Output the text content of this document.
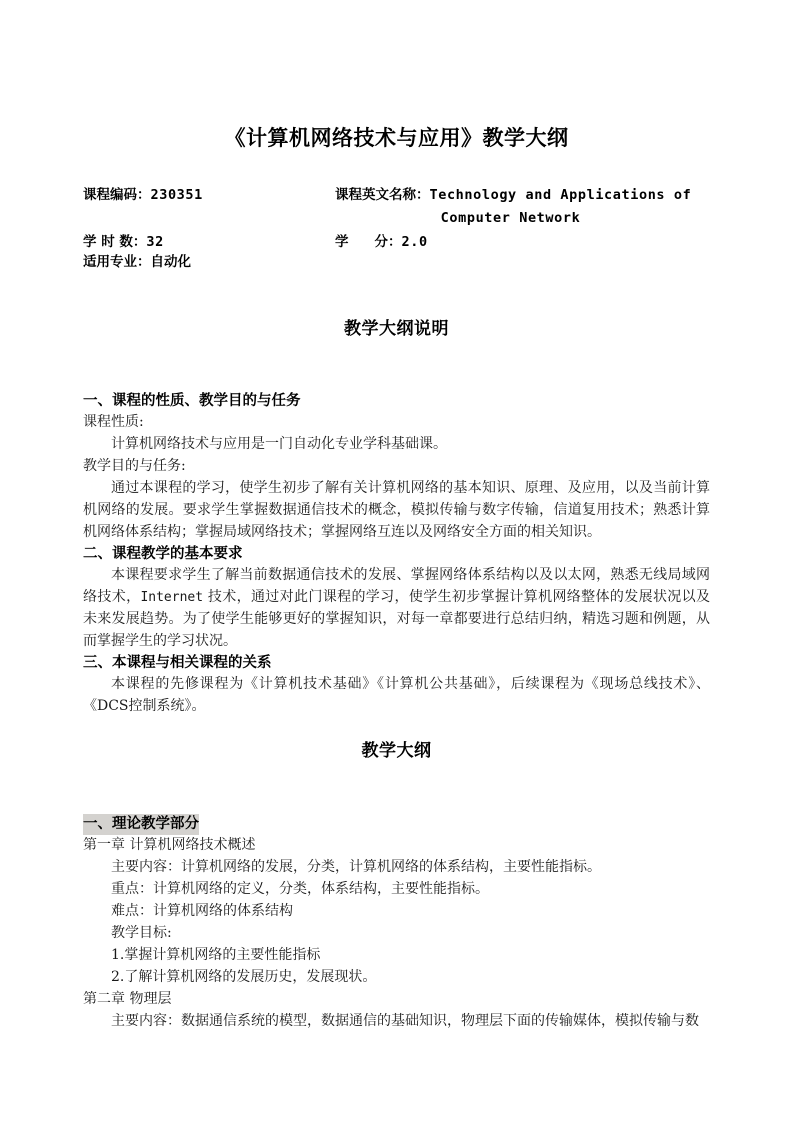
《计算机网络技术与应用》教学大纲
课程编码：230351	课程英文名称：Technology and Applications of
Computer Network
学 时 数：32	学分：2.0
适用专业：自动化
教学大纲说明
一、课程的性质、教学目的与任务

课程性质:

计算机网络技术与应用是一门自动化专业学科基础课。

教学目的与任务:

通过本课程的学习，使学生初步了解有关计算机网络的基本知识、原理、及应用，以及当前计算机网络的发展。要求学生掌握数据通信技术的概念，模拟传输与数字传输，信道复用技术；熟悉计算机网络体系结构；掌握局域网络技术；掌握网络互连以及网络安全方面的相关知识。

二、课程教学的基本要求

本课程要求学生了解当前数据通信技术的发展、掌握网络体系结构以及以太网，熟悉无线局域网络技术，Internet 技术，通过对此门课程的学习，使学生初步掌握计算机网络整体的发展状况以及未来发展趋势。为了使学生能够更好的掌握知识，对每一章都要进行总结归纳，精选习题和例题，从而掌握学生的学习状况。

三、本课程与相关课程的关系

本课程的先修课程为《计算机技术基础》《计算机公共基础》，后续课程为《现场总线技术》、《DCS控制系统》。

教学大纲
一、理论教学部分

第一章 计算机网络技术概述

主要内容：计算机网络的发展，分类，计算机网络的体系结构，主要性能指标。

重点：计算机网络的定义，分类，体系结构，主要性能指标。

难点：计算机网络的体系结构

教学目标:

1.掌握计算机网络的主要性能指标

2.了解计算机网络的发展历史，发展现状。

第二章 物理层

主要内容：数据通信系统的模型，数据通信的基础知识，物理层下面的传输媒体，模拟传输与数
